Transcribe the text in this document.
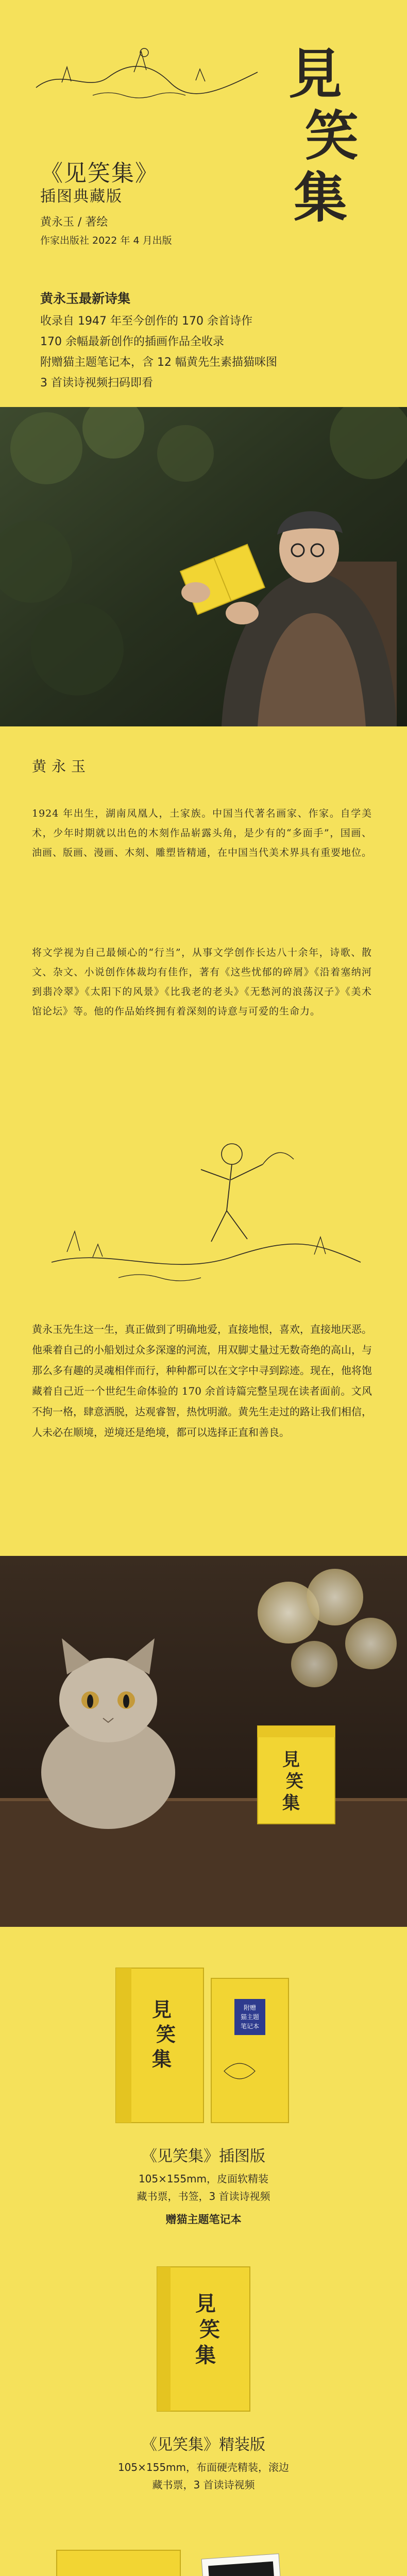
見
笑
集
《见笑集》
插图典藏版
黄永玉 / 著绘
作家出版社 2022 年 4 月出版
黄永玉最新诗集
收录自 1947 年至今创作的 170 余首诗作
170 余幅最新创作的插画作品全收录
附赠猫主题笔记本，含 12 幅黄先生素描猫咪图
3 首读诗视频扫码即看
黄永玉
1924 年出生，湖南凤凰人，土家族。中国当代著名画家、作家。自学美术，少年时期就以出色的木刻作品崭露头角，是少有的“多面手”，国画、油画、版画、漫画、木刻、雕塑皆精通，在中国当代美术界具有重要地位。
将文学视为自己最倾心的“行当”，从事文学创作长达八十余年，诗歌、散文、杂文、小说创作体裁均有佳作，著有《这些忧郁的碎屑》《沿着塞纳河到翡冷翠》《太阳下的风景》《比我老的老头》《无愁河的浪荡汉子》《美术馆论坛》等。他的作品始终拥有着深刻的诗意与可爱的生命力。
黄永玉先生这一生，真正做到了明确地爱，直接地恨，喜欢，直接地厌恶。他乘着自己的小船划过众多深邃的河流，用双脚丈量过无数奇绝的高山，与那么多有趣的灵魂相伴而行，种种都可以在文字中寻到踪迹。现在，他将饱藏着自己近一个世纪生命体验的 170 余首诗篇完整呈现在读者面前。文风不拘一格，肆意洒脱，达观睿智，热忱明澈。黄先生走过的路让我们相信，人未必在顺境，逆境还是绝境，都可以选择正直和善良。
見
笑
集
見
笑
集
附赠
猫主题
笔记本
《见笑集》插图版
105×155mm，皮面软精装
藏书票，书签，3 首读诗视频
赠猫主题笔记本
見
笑
集
《见笑集》精装版
105×155mm，布面硬壳精装，滚边
藏书票，3 首读诗视频
